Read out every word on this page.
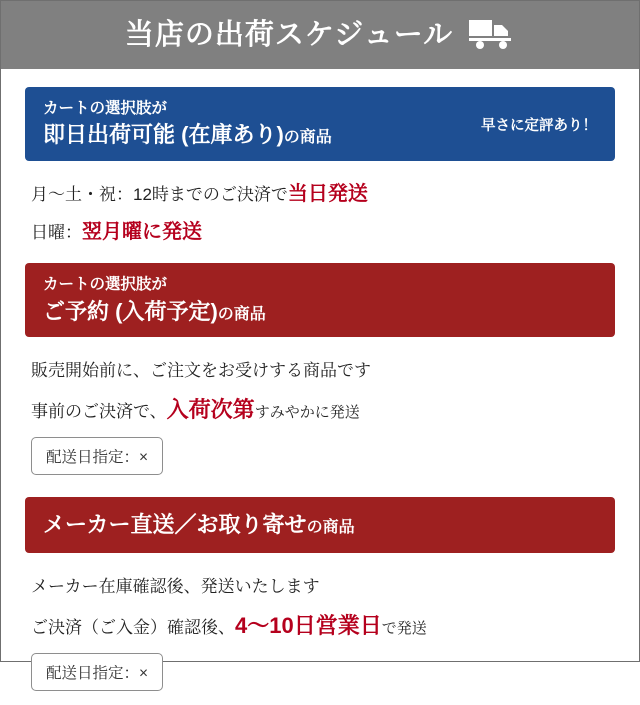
当店の出荷スケジュール
カートの選択肢が
即日出荷可能 (在庫あり)の商品
早さに定評あり！
月～土・祝：12時までのご決済で当日発送
日曜：翌月曜に発送
カートの選択肢が
ご予約 (入荷予定)の商品
販売開始前に、ご注文をお受けする商品です
事前のご決済で、入荷次第すみやかに発送
配送日指定：×
メーカー直送／お取り寄せの商品
メーカー在庫確認後、発送いたします
ご決済（ご入金）確認後、4～10日営業日で発送
配送日指定：×
